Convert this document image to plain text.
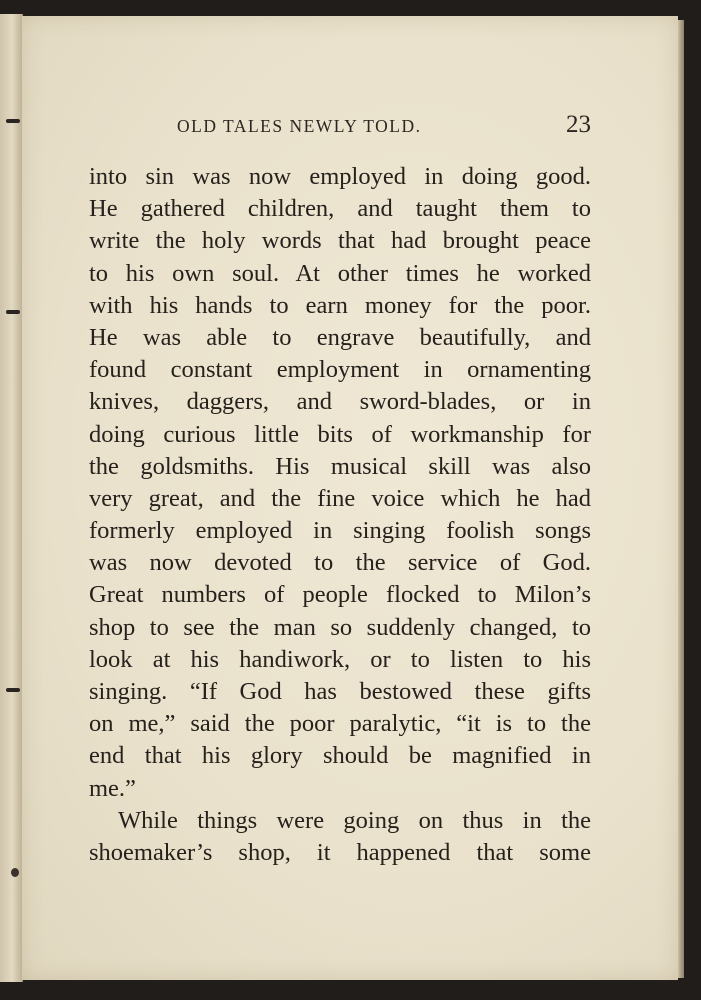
OLD TALES NEWLY TOLD.	23
into sin was now employed in doing good.
He gathered children, and taught them to
write the holy words that had brought peace
to his own soul. At other times he worked
with his hands to earn money for the poor.
He was able to engrave beautifully, and
found constant employment in ornamenting
knives, daggers, and sword-blades, or in
doing curious little bits of workmanship for
the goldsmiths. His musical skill was also
very great, and the fine voice which he had
formerly employed in singing foolish songs
was now devoted to the service of God.
Great numbers of people flocked to Milon’s
shop to see the man so suddenly changed, to
look at his handiwork, or to listen to his
singing. “If God has bestowed these gifts
on me,” said the poor paralytic, “it is to the
end that his glory should be magnified in
me.”
While things were going on thus in the
shoemaker’s shop, it happened that some
